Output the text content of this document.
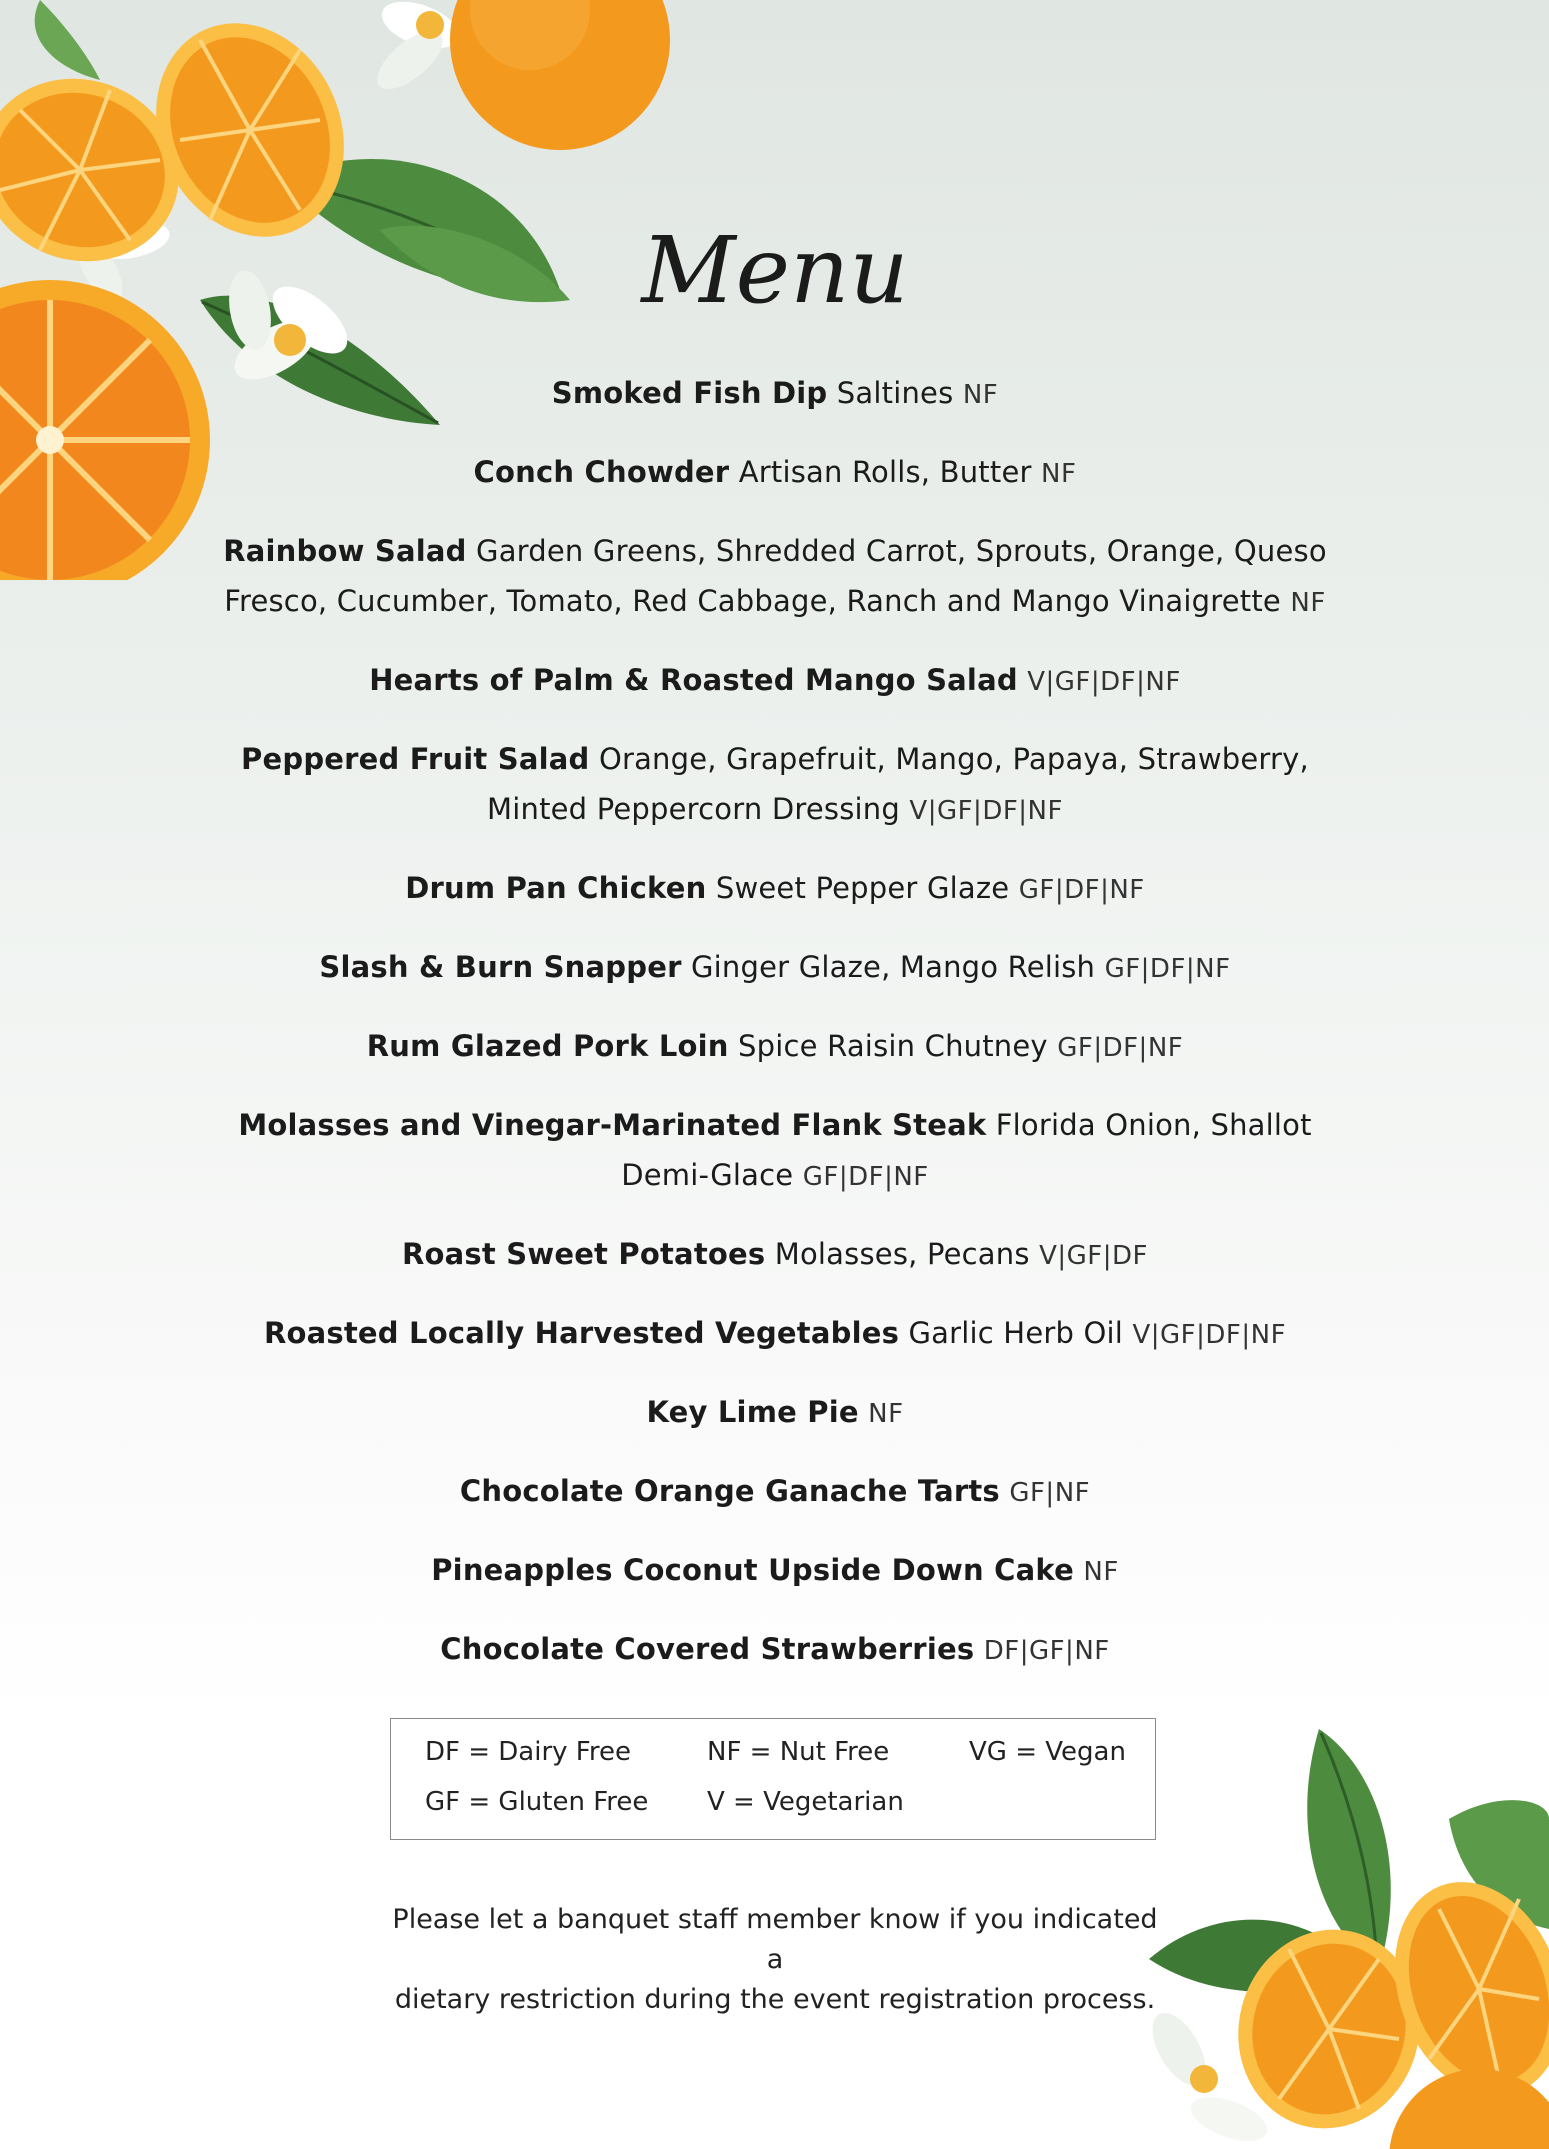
Menu

Smoked Fish Dip Saltines NF

Conch Chowder Artisan Rolls, Butter NF

Rainbow Salad Garden Greens, Shredded Carrot, Sprouts, Orange, Queso Fresco, Cucumber, Tomato, Red Cabbage, Ranch and Mango Vinaigrette NF

Hearts of Palm & Roasted Mango Salad V|GF|DF|NF

Peppered Fruit Salad Orange, Grapefruit, Mango, Papaya, Strawberry, Minted Peppercorn Dressing V|GF|DF|NF

Drum Pan Chicken Sweet Pepper Glaze GF|DF|NF

Slash & Burn Snapper Ginger Glaze, Mango Relish GF|DF|NF

Rum Glazed Pork Loin Spice Raisin Chutney GF|DF|NF

Molasses and Vinegar-Marinated Flank Steak Florida Onion, Shallot Demi-Glace GF|DF|NF

Roast Sweet Potatoes Molasses, Pecans V|GF|DF

Roasted Locally Harvested Vegetables Garlic Herb Oil V|GF|DF|NF

Key Lime Pie NF

Chocolate Orange Ganache Tarts GF|NF

Pineapples Coconut Upside Down Cake NF

Chocolate Covered Strawberries DF|GF|NF

DF = Dairy Free	NF = Nut Free	VG = Vegan
GF = Gluten Free V = Vegetarian
Please let a banquet staff member know if you indicated a
dietary restriction during the event registration process.
